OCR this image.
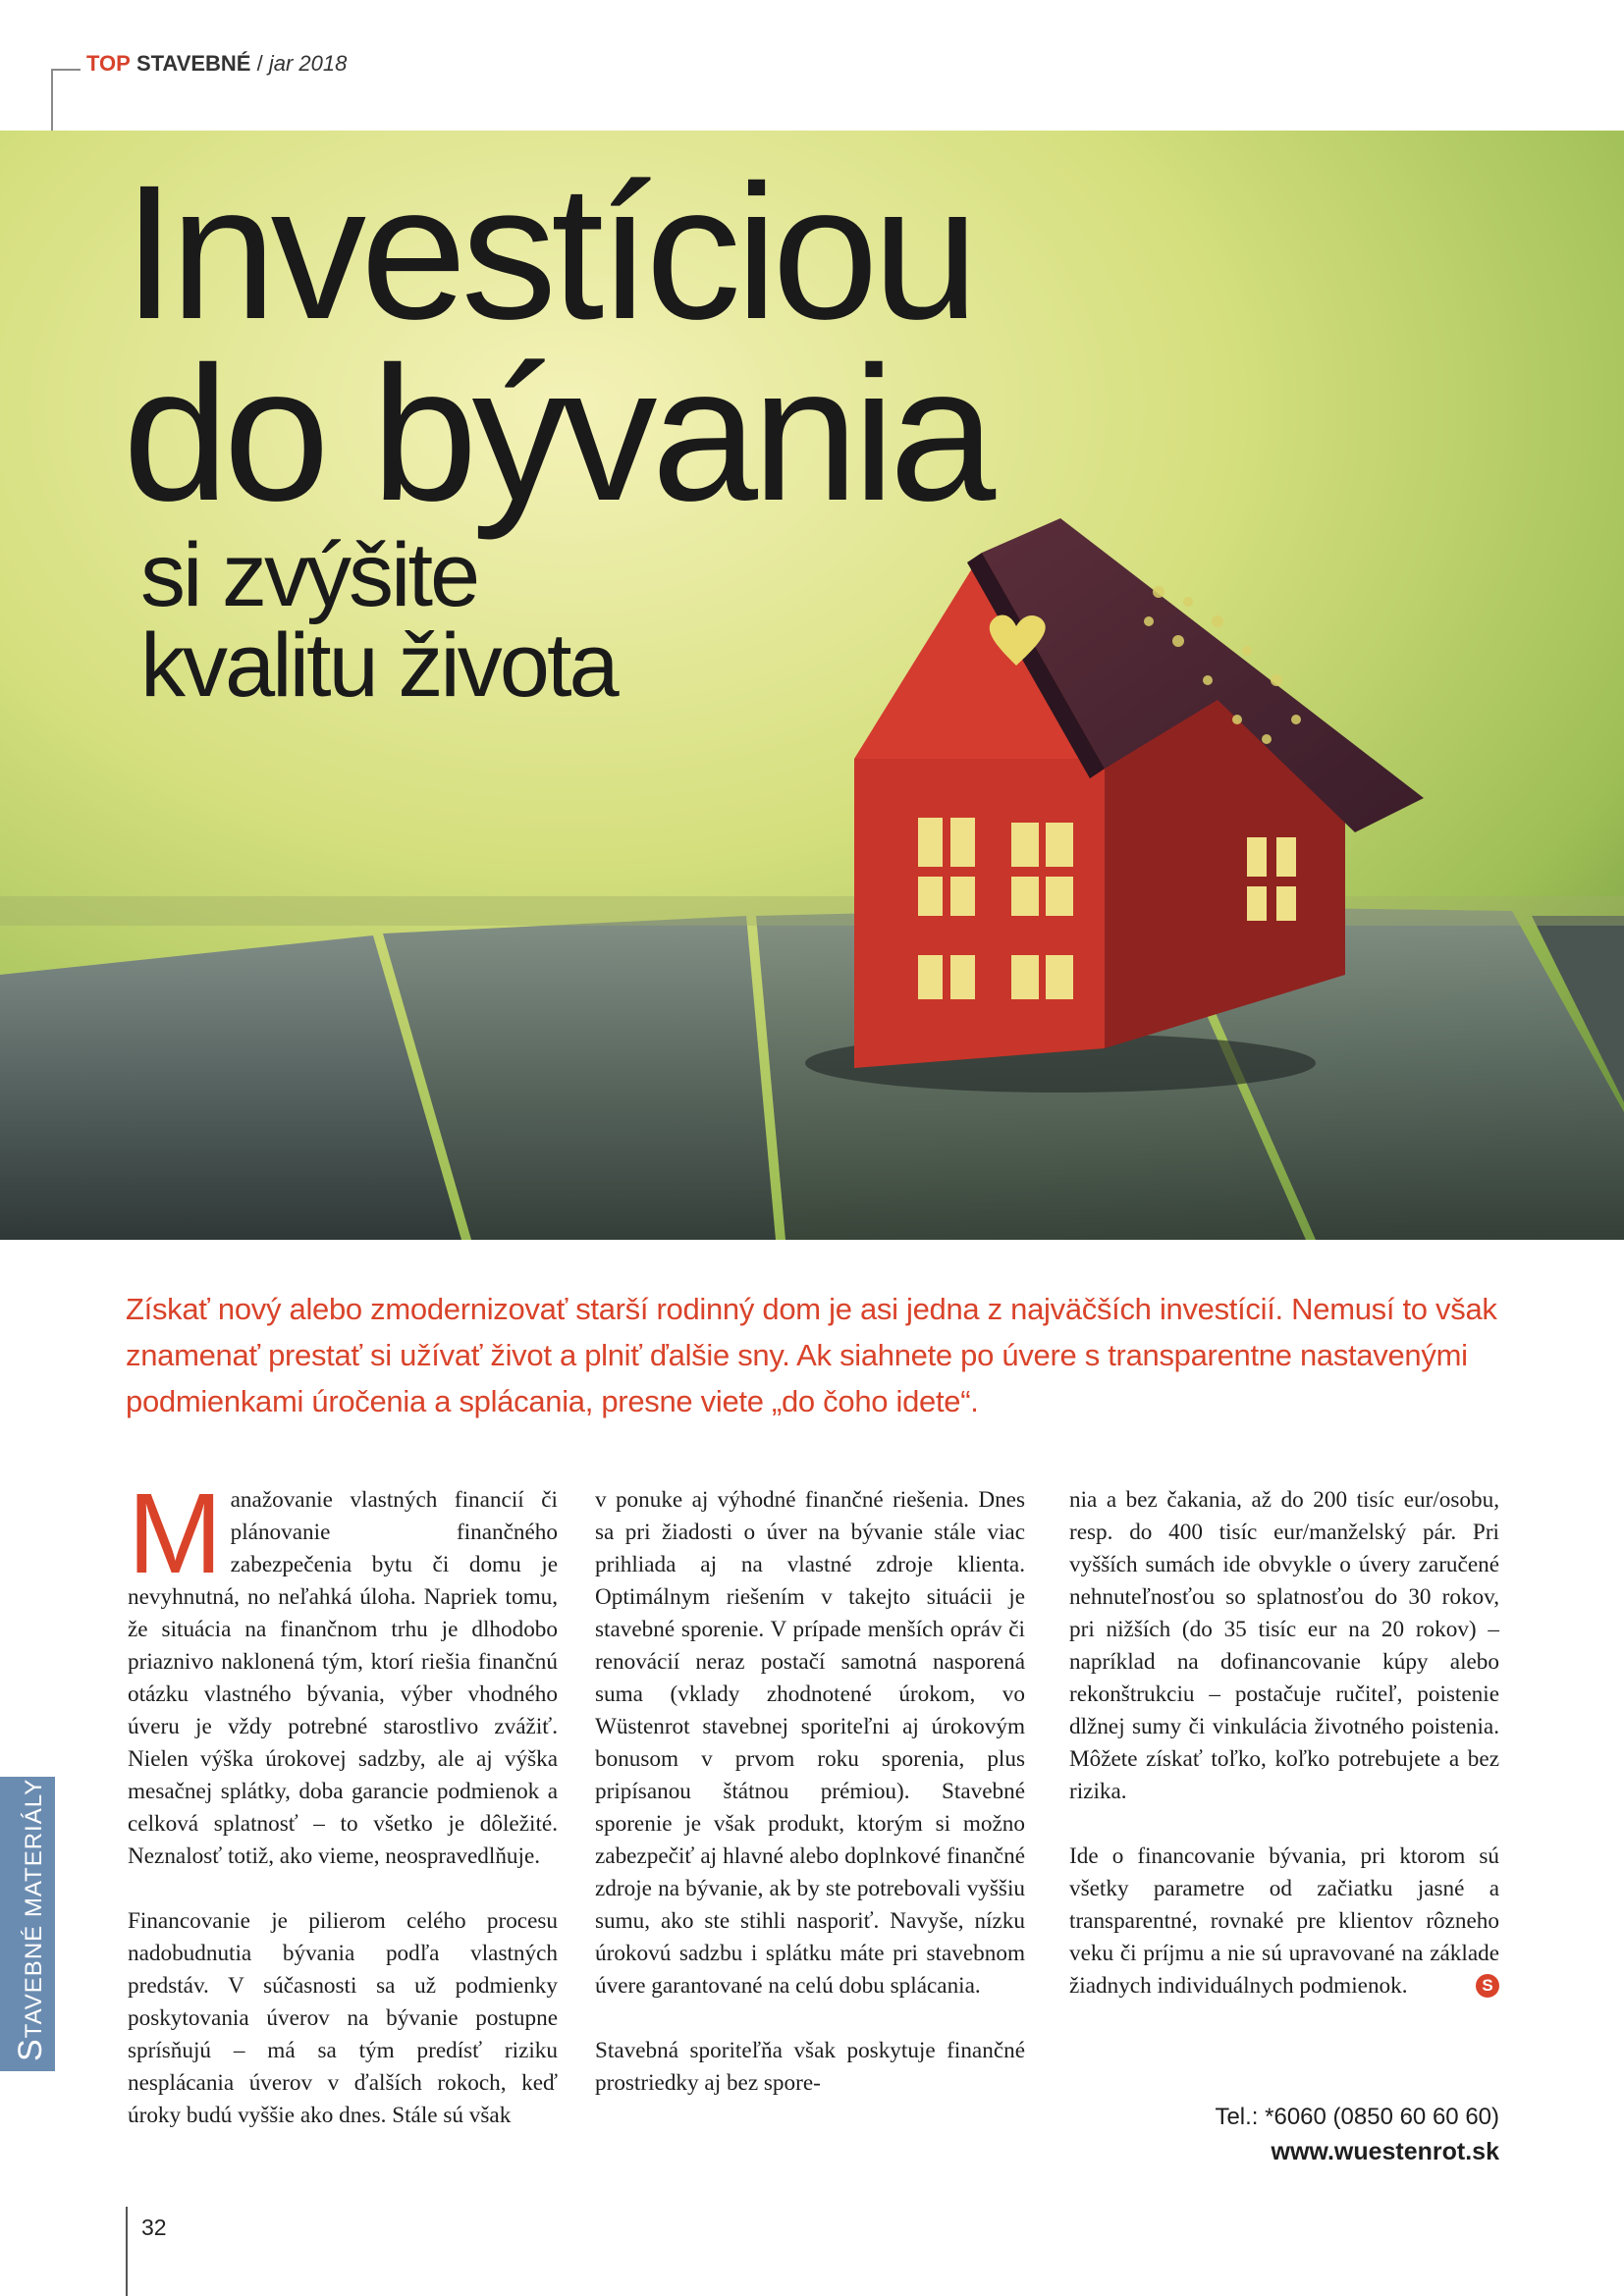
TOP STAVEBNÉ / jar 2018
Investíciou
do bývania
si zvýšite
kvalitu života
STAVEBNÉ MATERIÁLY
Získať nový alebo zmodernizovať starší rodinný dom je asi jedna z najväčších investícií. Nemusí to však znamenať prestať si užívať život a plniť ďalšie sny. Ak siahnete po úvere s transparentne nastavenými podmienkami úročenia a splácania, presne viete „do čoho idete“.

Manažovanie vlastných financií či plánovanie finančného zabezpečenia bytu či domu je nevyhnutná, no neľahká úloha. Napriek tomu, že situácia na finančnom trhu je dlhodobo priaznivo naklonená tým, ktorí riešia finančnú otázku vlastného bývania, výber vhodného úveru je vždy potrebné starostlivo zvážiť. Nielen výška úrokovej sadzby, ale aj výška mesačnej splátky, doba garancie podmienok a celková splatnosť – to všetko je dôležité. Neznalosť totiž, ako vieme, neospravedlňuje.

Financovanie je pilierom celého procesu nadobudnutia bývania podľa vlastných predstáv. V súčasnosti sa už podmienky poskytovania úverov na bývanie postupne sprísňujú – má sa tým predísť riziku nesplácania úverov v ďalších rokoch, keď úroky budú vyššie ako dnes. Stále sú však

v ponuke aj výhodné finančné riešenia. Dnes sa pri žiadosti o úver na bývanie stále viac prihliada aj na vlastné zdroje klienta. Optimálnym riešením v takejto situácii je stavebné sporenie. V prípade menších opráv či renovácií neraz postačí samotná nasporená suma (vklady zhodnotené úrokom, vo Wüstenrot stavebnej sporiteľni aj úrokovým bonusom v prvom roku sporenia, plus pripísanou štátnou prémiou). Stavebné sporenie je však produkt, ktorým si možno zabezpečiť aj hlavné alebo doplnkové finančné zdroje na bývanie, ak by ste potrebovali vyššiu sumu, ako ste stihli nasporiť. Navyše, nízku úrokovú sadzbu i splátku máte pri stavebnom úvere garantované na celú dobu splácania.

Stavebná sporiteľňa však poskytuje finančné prostriedky aj bez spore-

nia a bez čakania, až do 200 tisíc eur/osobu, resp. do 400 tisíc eur/manželský pár. Pri vyšších sumách ide obvykle o úvery zaručené nehnuteľnosťou so splatnosťou do 30 rokov, pri nižších (do 35 tisíc eur na 20 rokov) – napríklad na dofinancovanie kúpy alebo rekonštrukciu – postačuje ručiteľ, poistenie dlžnej sumy či vinkulácia životného poistenia. Môžete získať toľko, koľko potrebujete a bez rizika.

Ide o financovanie bývania, pri ktorom sú všetky parametre od začiatku jasné a transparentné, rovnaké pre klientov rôzneho veku či príjmu a nie sú upravované na základe žiadnych individuálnych podmienok.	S

Tel.: *6060 (0850 60 60 60)
www.wuestenrot.sk
32
